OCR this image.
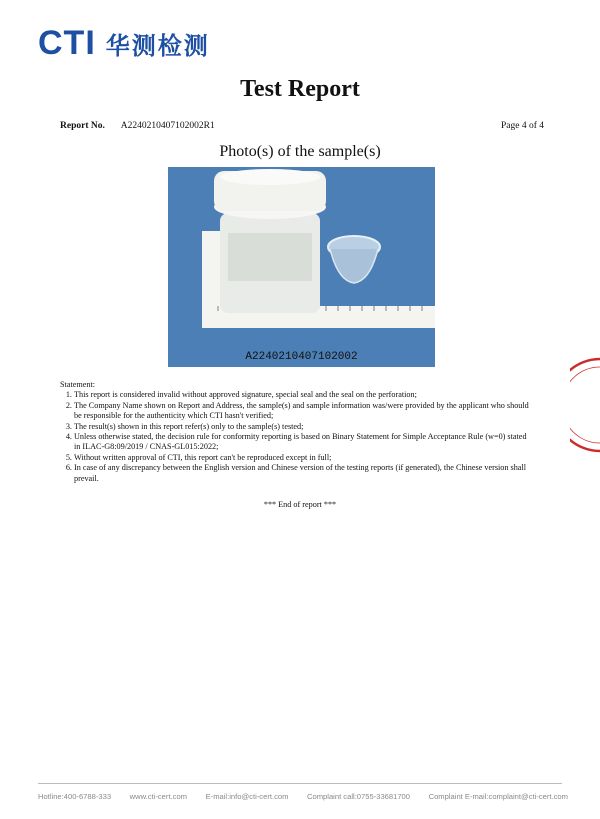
CTI 华测检测
Test Report
Report No. A2240210407102002R1	Page 4 of 4
Photo(s) of the sample(s)
A2240210407102002
Statement:
1. This report is considered invalid without approved signature, special seal and the seal on the perforation;
2. The Company Name shown on Report and Address, the sample(s) and sample information was/were provided by the applicant who should be responsible for the authenticity which CTI hasn't verified;
3. The result(s) shown in this report refer(s) only to the sample(s) tested;
4. Unless otherwise stated, the decision rule for conformity reporting is based on Binary Statement for Simple Acceptance Rule (w=0) stated in ILAC-G8:09/2019 / CNAS-GL015:2022;
5. Without written approval of CTI, this report can't be reproduced except in full;
6. In case of any discrepancy between the English version and Chinese version of the testing reports (if generated), the Chinese version shall prevail.
*** End of report ***
Hotline:400-6788-333 www.cti-cert.com E-mail:info@cti-cert.com Complaint call:0755-33681700 Complaint E-mail:complaint@cti-cert.com
